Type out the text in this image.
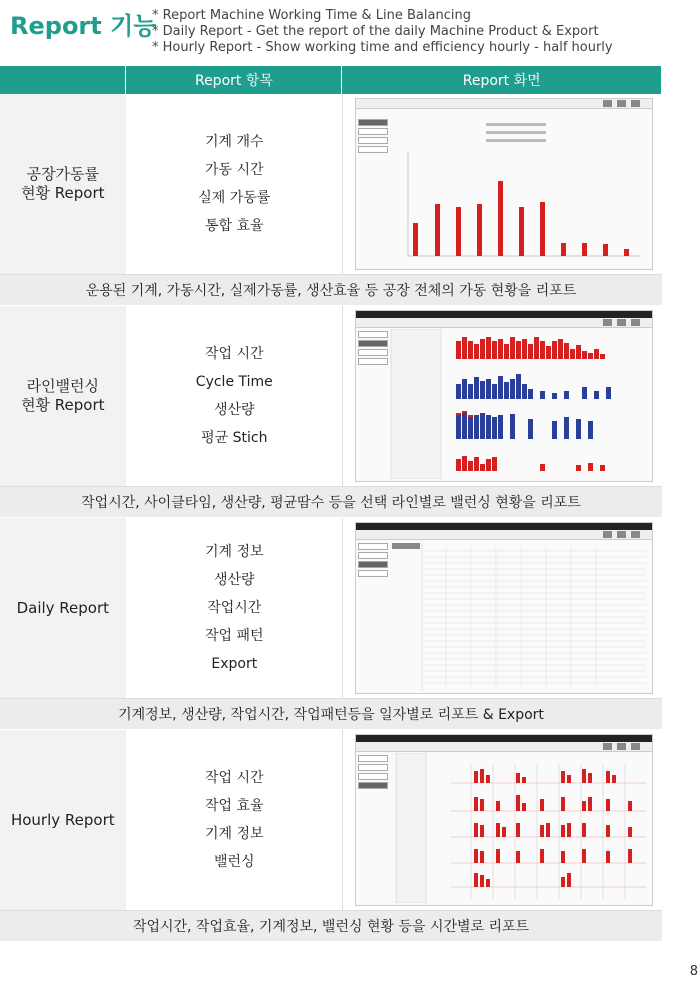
Report 기능
* Report Machine Working Time & Line Balancing
* Daily Report - Get the report of the daily Machine Product & Export
* Hourly Report - Show working time and efficiency hourly - half hourly
Report 항목	Report 화면
공장가동률
현황 Report
기계 개수
가동 시간
실제 가동률
통합 효율
운용된 기계, 가동시간, 실제가동률, 생산효율 등 공장 전체의 가동 현황을 리포트
라인밸런싱
현황 Report
작업 시간
Cycle Time
생산량
평균 Stich
작업시간, 사이클타임, 생산량, 평균땀수 등을 선택 라인별로 밸런싱 현황을 리포트
Daily Report
기계 정보
생산량
작업시간
작업 패턴
Export
기계정보, 생산량, 작업시간, 작업패턴등을 일자별로 리포트 & Export
Hourly Report
작업 시간
작업 효율
기계 정보
밸런싱
작업시간, 작업효율, 기계정보, 밸런싱 현황 등을 시간별로 리포트
8
